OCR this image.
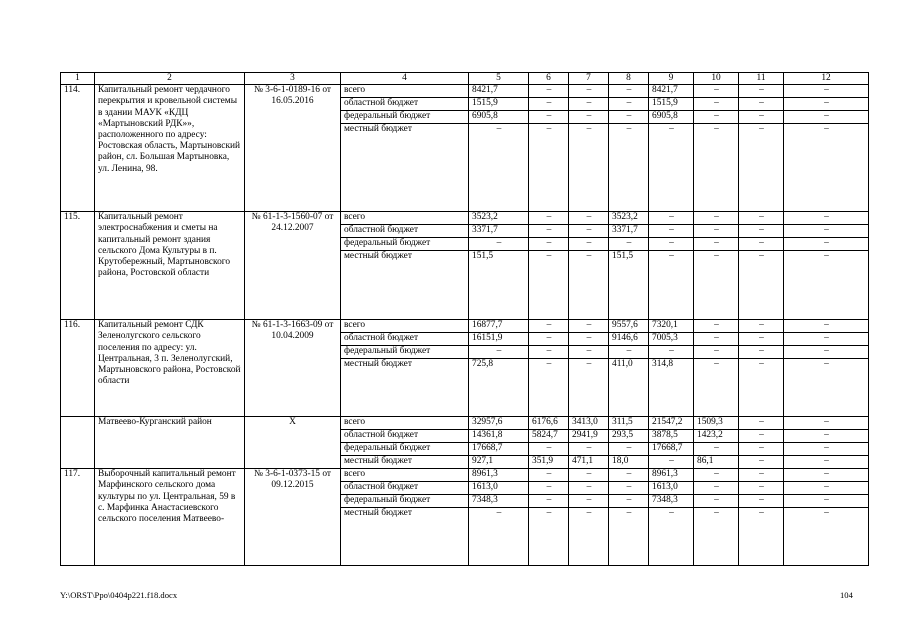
1	2	3	4	5	6	7	8	9	10	11	12
114.	Капитальный ремонт чердачного перекрытия и кровельной системы в здании МАУК «КДЦ «Мартыновский РДК»», расположенного по адресу: Ростовская область, Мартыновский район, сл. Большая Мартыновка, ул. Ленина, 98.	№ 3-6-1-0189-16 от 16.05.2016	всего	8421,7	–	–	–	8421,7	–	–	–
			областной бюджет	1515,9	–	–	–	1515,9	–	–	–
			федеральный бюджет	6905,8	–	–	–	6905,8	–	–	–
			местный бюджет	–	–	–	–	–	–	–	–
115.	Капитальный ремонт электроснабжения и сметы на капитальный ремонт здания сельского Дома Культуры в п. Крутобережный, Мартыновского района, Ростовской области	№ 61-1-3-1560-07 от 24.12.2007	всего	3523,2	–	–	3523,2	–	–	–	–
			областной бюджет	3371,7	–	–	3371,7	–	–	–	–
			федеральный бюджет	–	–	–	–	–	–	–	–
			местный бюджет	151,5	–	–	151,5	–	–	–	–
116.	Капитальный ремонт СДК Зеленолугского сельского поселения по адресу: ул. Центральная, 3 п. Зеленолугский, Мартыновского района, Ростовской области	№ 61-1-3-1663-09 от 10.04.2009	всего	16877,7	–	–	9557,6	7320,1	–	–	–
			областной бюджет	16151,9	–	–	9146,6	7005,3	–	–	–
			федеральный бюджет	–	–	–	–	–	–	–	–
			местный бюджет	725,8	–	–	411,0	314,8	–	–	–
	Матвеево-Курганский район	Х	всего	32957,6	6176,6	3413,0	311,5	21547,2	1509,3	–	–
			областной бюджет	14361,8	5824,7	2941,9	293,5	3878,5	1423,2	–	–
			федеральный бюджет	17668,7	–	–	–	17668,7	–	–	–
			местный бюджет	927,1	351,9	471,1	18,0	–	86,1	–	–
117.	Выборочный капитальный ремонт Марфинского сельского дома культуры по ул. Центральная, 59 в с. Марфинка Анастасиевского сельского поселения Матвеево-	№ 3-6-1-0373-15 от 09.12.2015	всего	8961,3	–	–	–	8961,3	–	–	–
			областной бюджет	1613,0	–	–	–	1613,0	–	–	–
			федеральный бюджет	7348,3	–	–	–	7348,3	–	–	–
			местный бюджет	–	–	–	–	–	–	–	–
Y:\ORST\Ppo\0404p221.f18.docx	104
